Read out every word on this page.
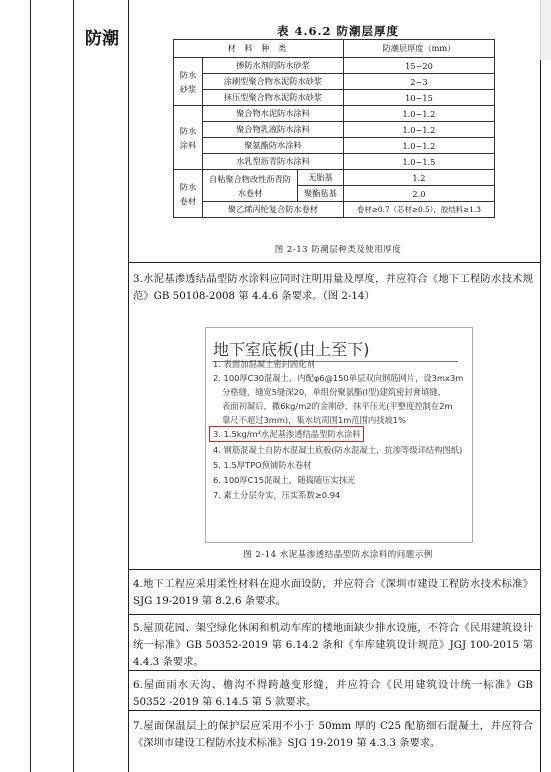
防潮	表 4.6.2 防潮层厚度
材 料 种 类			防潮层厚度（mm）
防水砂浆	掺防水剂的防水砂浆		15~20
	涂刷型聚合物水泥防水砂浆		2~3
	抹压型聚合物水泥防水砂浆		10~15
防水涂料	聚合物水泥防水涂料		1.0~1.2
	聚合物乳液防水涂料		1.0~1.2
	聚氨酯防水涂料		1.0~1.2
	水乳型沥青防水涂料		1.0~1.5
防水卷材	自粘聚合物改性沥青防水卷材	无胎基	1.2
		聚酯毡基	2.0
	聚乙烯丙纶复合防水卷材		卷材≥0.7（芯材≥0.5），胶结料≥1.3
图 2-13 防潮层种类及使用厚度

3.水泥基渗透结晶型防水涂料应同时注明用量及厚度，并应符合《地下工程防水技术规范》GB 50108-2008 第 4.4.6 条要求。（图 2-14）

地下室底板(由上至下)
1. 表面加混凝土密封固化剂
2. 100厚C30混凝土，内配φ6@150单层双向钢筋网片，设3mx3m
分格缝，缝宽5缝深20，单组份聚氨酯(Ⅰ型)建筑密封膏填缝，
表面初凝后，撒6kg/m2的金刚砂，抹平压光(平整度控制在2m
靠尺不超过3mm)，集水坑周围1m范围内找坡1%
3. 1.5kg/m²水泥基渗透结晶型防水涂料
4. 钢筋混凝土自防水混凝土底板(防水混凝土，抗渗等级详结构图纸)
5. 1.5厚TPO预铺防水卷材
6. 100厚C15混凝土，随捣随压实抹光
7. 素土分层夯实，压实系数≥0.94
图 2-14 水泥基渗透结晶型防水涂料的问题示例

4.地下工程应采用柔性材料在迎水面设防，并应符合《深圳市建设工程防水技术标准》SJG 19-2019 第 8.2.6 条要求。

5.屋顶花园、架空绿化休闲和机动车库的楼地面缺少排水设施，不符合《民用建筑设计统一标准》GB 50352-2019 第 6.14.2 条和《车库建筑设计规范》JGJ 100-2015 第 4.4.3 条要求。

6.屋面雨水天沟、檐沟不得跨越变形缝，并应符合《民用建筑设计统一标准》GB 50352 -2019 第 6.14.5 第 5 款要求。

7.屋面保温层上的保护层应采用不小于 50mm 厚的 C25 配筋细石混凝土，并应符合《深圳市建设工程防水技术标准》SJG 19-2019 第 4.3.3 条要求。
